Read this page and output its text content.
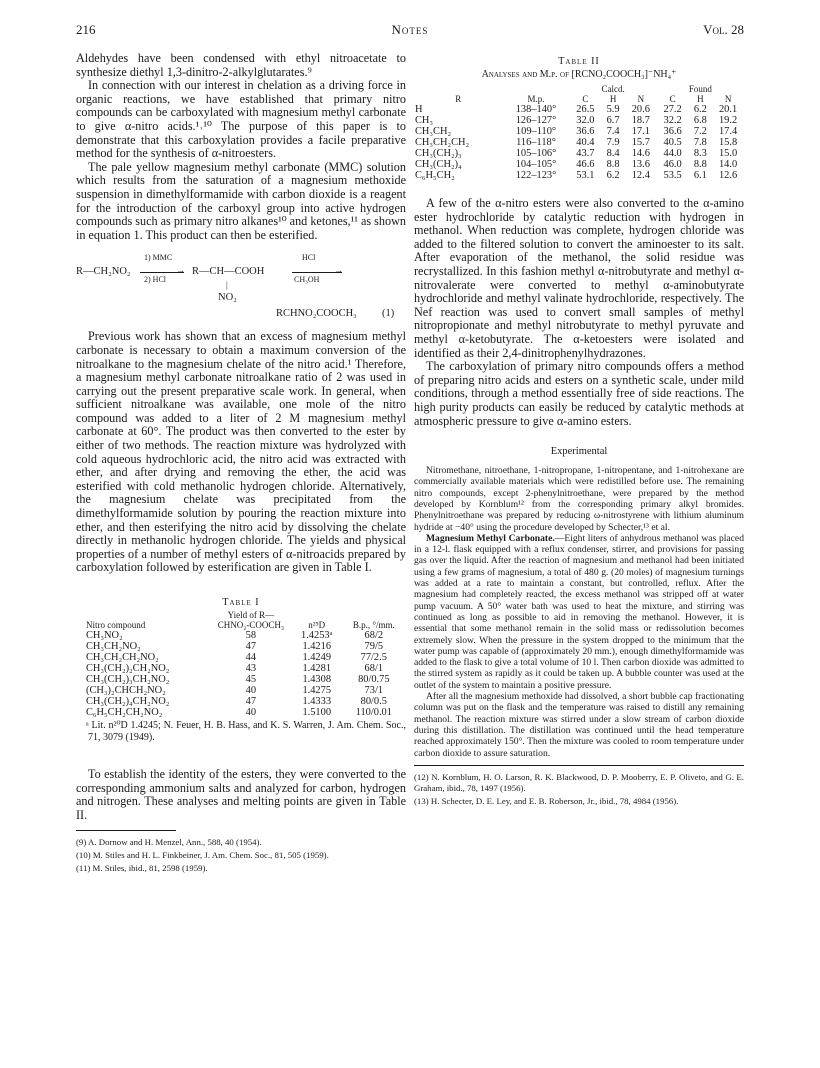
216	Notes	Vol. 28

Aldehydes have been condensed with ethyl nitroacetate to synthesize diethyl 1,3-dinitro-2-alkylglutarates.⁹

In connection with our interest in chelation as a driving force in organic reactions, we have established that primary nitro compounds can be carboxylated with magnesium methyl carbonate to give α-nitro acids.¹˒¹⁰ The purpose of this paper is to demonstrate that this carboxylation provides a facile preparative method for the synthesis of α-nitroesters.

The pale yellow magnesium methyl carbonate (MMC) solution which results from the saturation of a magnesium methoxide suspension in dimethylformamide with carbon dioxide is a reagent for the introduction of the carboxyl group into active hydrogen compounds such as primary nitro alkanes¹⁰ and ketones,¹¹ as shown in equation 1. This product can then be esterified.

R—CH₂NO₂
1) MMC
→
2) HCl
R—CH—COOH
|
NO₂
HCl
→
CH₃OH
RCHNO₂COOCH₃ (1)

Previous work has shown that an excess of magnesium methyl carbonate is necessary to obtain a maximum conversion of the nitroalkane to the magnesium chelate of the nitro acid.¹ Therefore, a magnesium methyl carbonate nitroalkane ratio of 2 was used in carrying out the present preparative scale work. In general, when sufficient nitroalkane was available, one mole of the nitro compound was added to a liter of 2 M magnesium methyl carbonate at 60°. The product was then converted to the ester by either of two methods. The reaction mixture was hydrolyzed with cold aqueous hydrochloric acid, the nitro acid was extracted with ether, and after drying and removing the ether, the acid was esterified with cold methanolic hydrogen chloride. Alternatively, the magnesium chelate was precipitated from the dimethylformamide solution by pouring the reaction mixture into ether, and then esterifying the nitro acid by dissolving the chelate directly in methanolic hydrogen chloride. The yields and physical properties of a number of methyl esters of α-nitroacids prepared by carboxylation followed by esterification are given in Table I.

Table I
Nitro compound	Yield of R—CHNO₂-COOCH₃	n²⁵D	B.p., °/mm.
CH₃NO₂	58	1.4253ᵃ	68/2
CH₃CH₂NO₂	47	1.4216	79/5
CH₃CH₂CH₂NO₂	44	1.4249	77/2.5
CH₃(CH₂)₂CH₂NO₂	43	1.4281	68/1
CH₃(CH₂)₃CH₂NO₂	45	1.4308	80/0.75
(CH₃)₂CHCH₂NO₂	40	1.4275	73/1
CH₃(CH₂)₄CH₂NO₂	47	1.4333	80/0.5
C₆H₅CH₂CH₂NO₂	40	1.5100	110/0.01

ᵃ Lit. n²⁰D 1.4245; N. Feuer, H. B. Hass, and K. S. Warren, J. Am. Chem. Soc., 71, 3079 (1949).

To establish the identity of the esters, they were converted to the corresponding ammonium salts and analyzed for carbon, hydrogen and nitrogen. These analyses and melting points are given in Table II.

(9) A. Dornow and H. Menzel, Ann., 588, 40 (1954).

(10) M. Stiles and H. L. Finkbeiner, J. Am. Chem. Soc., 81, 505 (1959).

(11) M. Stiles, ibid., 81, 2598 (1959).

Table II
Analyses and M.p. of [RCNO₂COOCH₃]⁻NH₄⁺
		Calcd.			Found		
R	M.p.	C	H	N	C	H	N
H	138–140°	26.5	5.9	20.6	27.2	6.2	20.1
CH₃	126–127°	32.0	6.7	18.7	32.2	6.8	19.2
CH₃CH₂	109–110°	36.6	7.4	17.1	36.6	7.2	17.4
CH₃CH₂CH₂	116–118°	40.4	7.9	15.7	40.5	7.8	15.8
CH₃(CH₂)₃	105–106°	43.7	8.4	14.6	44.0	8.3	15.0
CH₃(CH₂)₄	104–105°	46.6	8.8	13.6	46.0	8.8	14.0
C₆H₅CH₂	122–123°	53.1	6.2	12.4	53.5	6.1	12.6

A few of the α-nitro esters were also converted to the α-amino ester hydrochloride by catalytic reduction with hydrogen in methanol. When reduction was complete, hydrogen chloride was added to the filtered solution to convert the aminoester to its salt. After evaporation of the methanol, the solid residue was recrystallized. In this fashion methyl α-nitrobutyrate and methyl α-nitrovalerate were converted to methyl α-aminobutyrate hydrochloride and methyl valinate hydrochloride, respectively. The Nef reaction was used to convert small samples of methyl nitropropionate and methyl nitrobutyrate to methyl pyruvate and methyl α-ketobutyrate. The α-ketoesters were isolated and identified as their 2,4-dinitrophenylhydrazones.

The carboxylation of primary nitro compounds offers a method of preparing nitro acids and esters on a synthetic scale, under mild conditions, through a method essentially free of side reactions. The high purity products can easily be reduced by catalytic methods at atmospheric pressure to give α-amino esters.

Experimental

Nitromethane, nitroethane, 1-nitropropane, 1-nitropentane, and 1-nitrohexane are commercially available materials which were redistilled before use. The remaining nitro compounds, except 2-phenylnitroethane, were prepared by the method developed by Kornblum¹² from the corresponding primary alkyl bromides. Phenylnitroethane was prepared by reducing ω-nitrostyrene with lithium aluminum hydride at −40° using the procedure developed by Schecter,¹³ et al.

Magnesium Methyl Carbonate.—Eight liters of anhydrous methanol was placed in a 12-l. flask equipped with a reflux condenser, stirrer, and provisions for passing gas over the liquid. After the reaction of magnesium and methanol had been initiated using a few grams of magnesium, a total of 480 g. (20 moles) of magnesium turnings was added at a rate to maintain a constant, but controlled, reflux. After the magnesium had completely reacted, the excess methanol was stripped off at water pump vacuum. A 50° water bath was used to heat the mixture, and stirring was continued as long as possible to aid in removing the methanol. However, it is essential that some methanol remain in the solid mass or redissolution becomes extremely slow. When the pressure in the system dropped to the minimum that the water pump was capable of (approximately 20 mm.), enough dimethylformamide was added to the flask to give a total volume of 10 l. Then carbon dioxide was admitted to the stirred system as rapidly as it could be taken up. A bubble counter was used at the outlet of the system to maintain a positive pressure.

After all the magnesium methoxide had dissolved, a short bubble cap fractionating column was put on the flask and the temperature was raised to distill any remaining methanol. The reaction mixture was stirred under a slow stream of carbon dioxide during this distillation. The distillation was continued until the head temperature reached approximately 150°. Then the mixture was cooled to room temperature under carbon dioxide to assure saturation.

(12) N. Kornblum, H. O. Larson, R. K. Blackwood, D. P. Mooberry, E. P. Oliveto, and G. E. Graham, ibid., 78, 1497 (1956).

(13) H. Schecter, D. E. Ley, and E. B. Roberson, Jr., ibid., 78, 4984 (1956).
